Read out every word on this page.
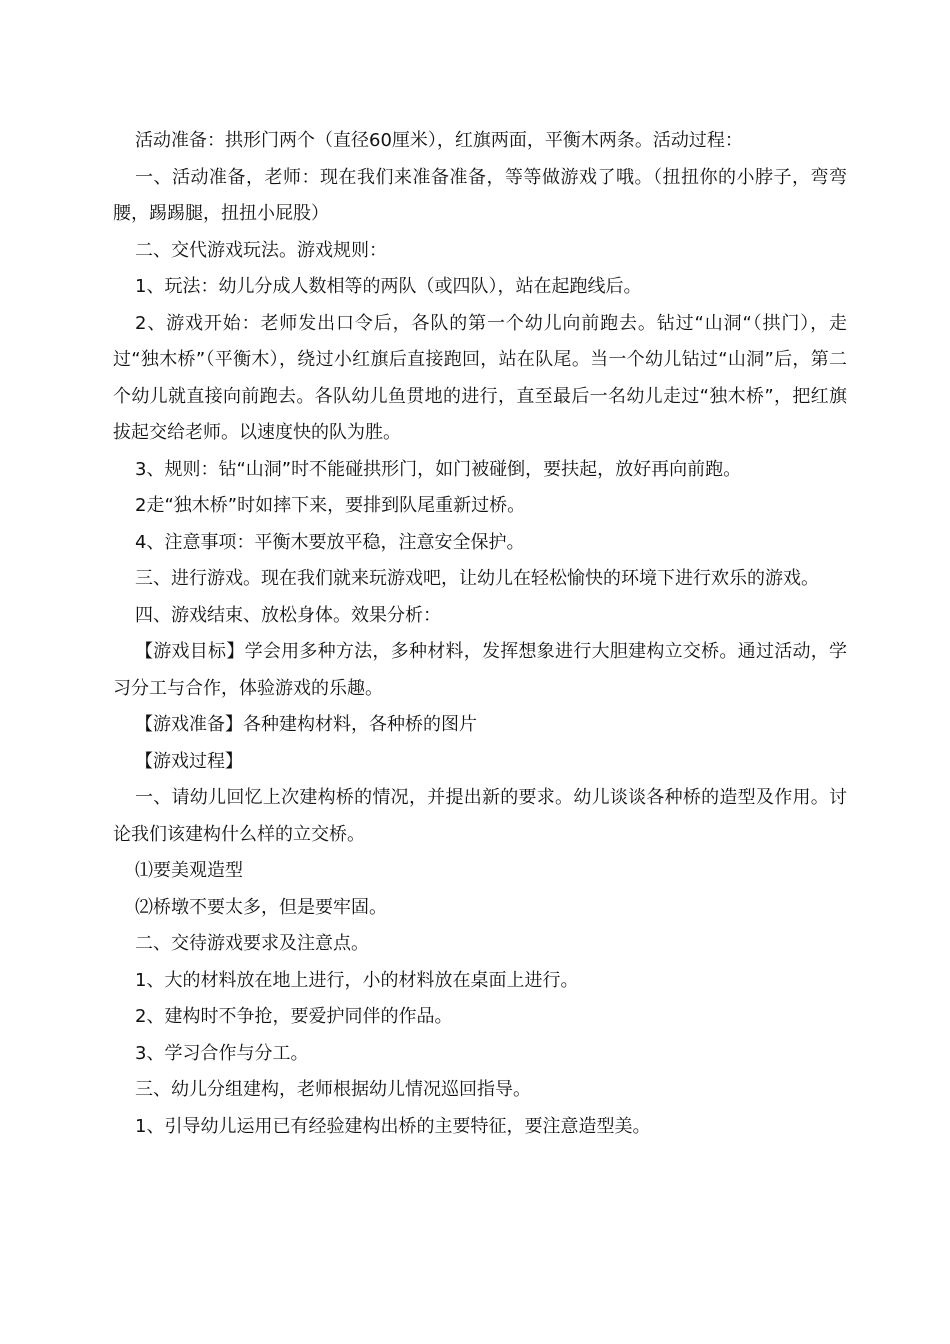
活动准备：拱形门两个（直径60厘米），红旗两面，平衡木两条。活动过程：

一、活动准备，老师：现在我们来准备准备，等等做游戏了哦。（扭扭你的小脖子，弯弯腰，踢踢腿，扭扭小屁股）

二、交代游戏玩法。游戏规则：

1、玩法：幼儿分成人数相等的两队（或四队），站在起跑线后。

2、游戏开始：老师发出口令后，各队的第一个幼儿向前跑去。钻过“山洞“（拱门），走过“独木桥”（平衡木），绕过小红旗后直接跑回，站在队尾。当一个幼儿钻过“山洞”后，第二个幼儿就直接向前跑去。各队幼儿鱼贯地的进行，直至最后一名幼儿走过“独木桥”，把红旗拔起交给老师。以速度快的队为胜。

3、规则：钻“山洞”时不能碰拱形门，如门被碰倒，要扶起，放好再向前跑。

2走“独木桥”时如摔下来，要排到队尾重新过桥。

4、注意事项：平衡木要放平稳，注意安全保护。

三、进行游戏。现在我们就来玩游戏吧，让幼儿在轻松愉快的环境下进行欢乐的游戏。

四、游戏结束、放松身体。效果分析：

【游戏目标】学会用多种方法，多种材料，发挥想象进行大胆建构立交桥。通过活动，学习分工与合作，体验游戏的乐趣。

【游戏准备】各种建构材料，各种桥的图片

【游戏过程】

一、请幼儿回忆上次建构桥的情况，并提出新的要求。幼儿谈谈各种桥的造型及作用。讨论我们该建构什么样的立交桥。

⑴要美观造型

⑵桥墩不要太多，但是要牢固。

二、交待游戏要求及注意点。

1、大的材料放在地上进行，小的材料放在桌面上进行。

2、建构时不争抢，要爱护同伴的作品。

3、学习合作与分工。

三、幼儿分组建构，老师根据幼儿情况巡回指导。

1、引导幼儿运用已有经验建构出桥的主要特征，要注意造型美。
